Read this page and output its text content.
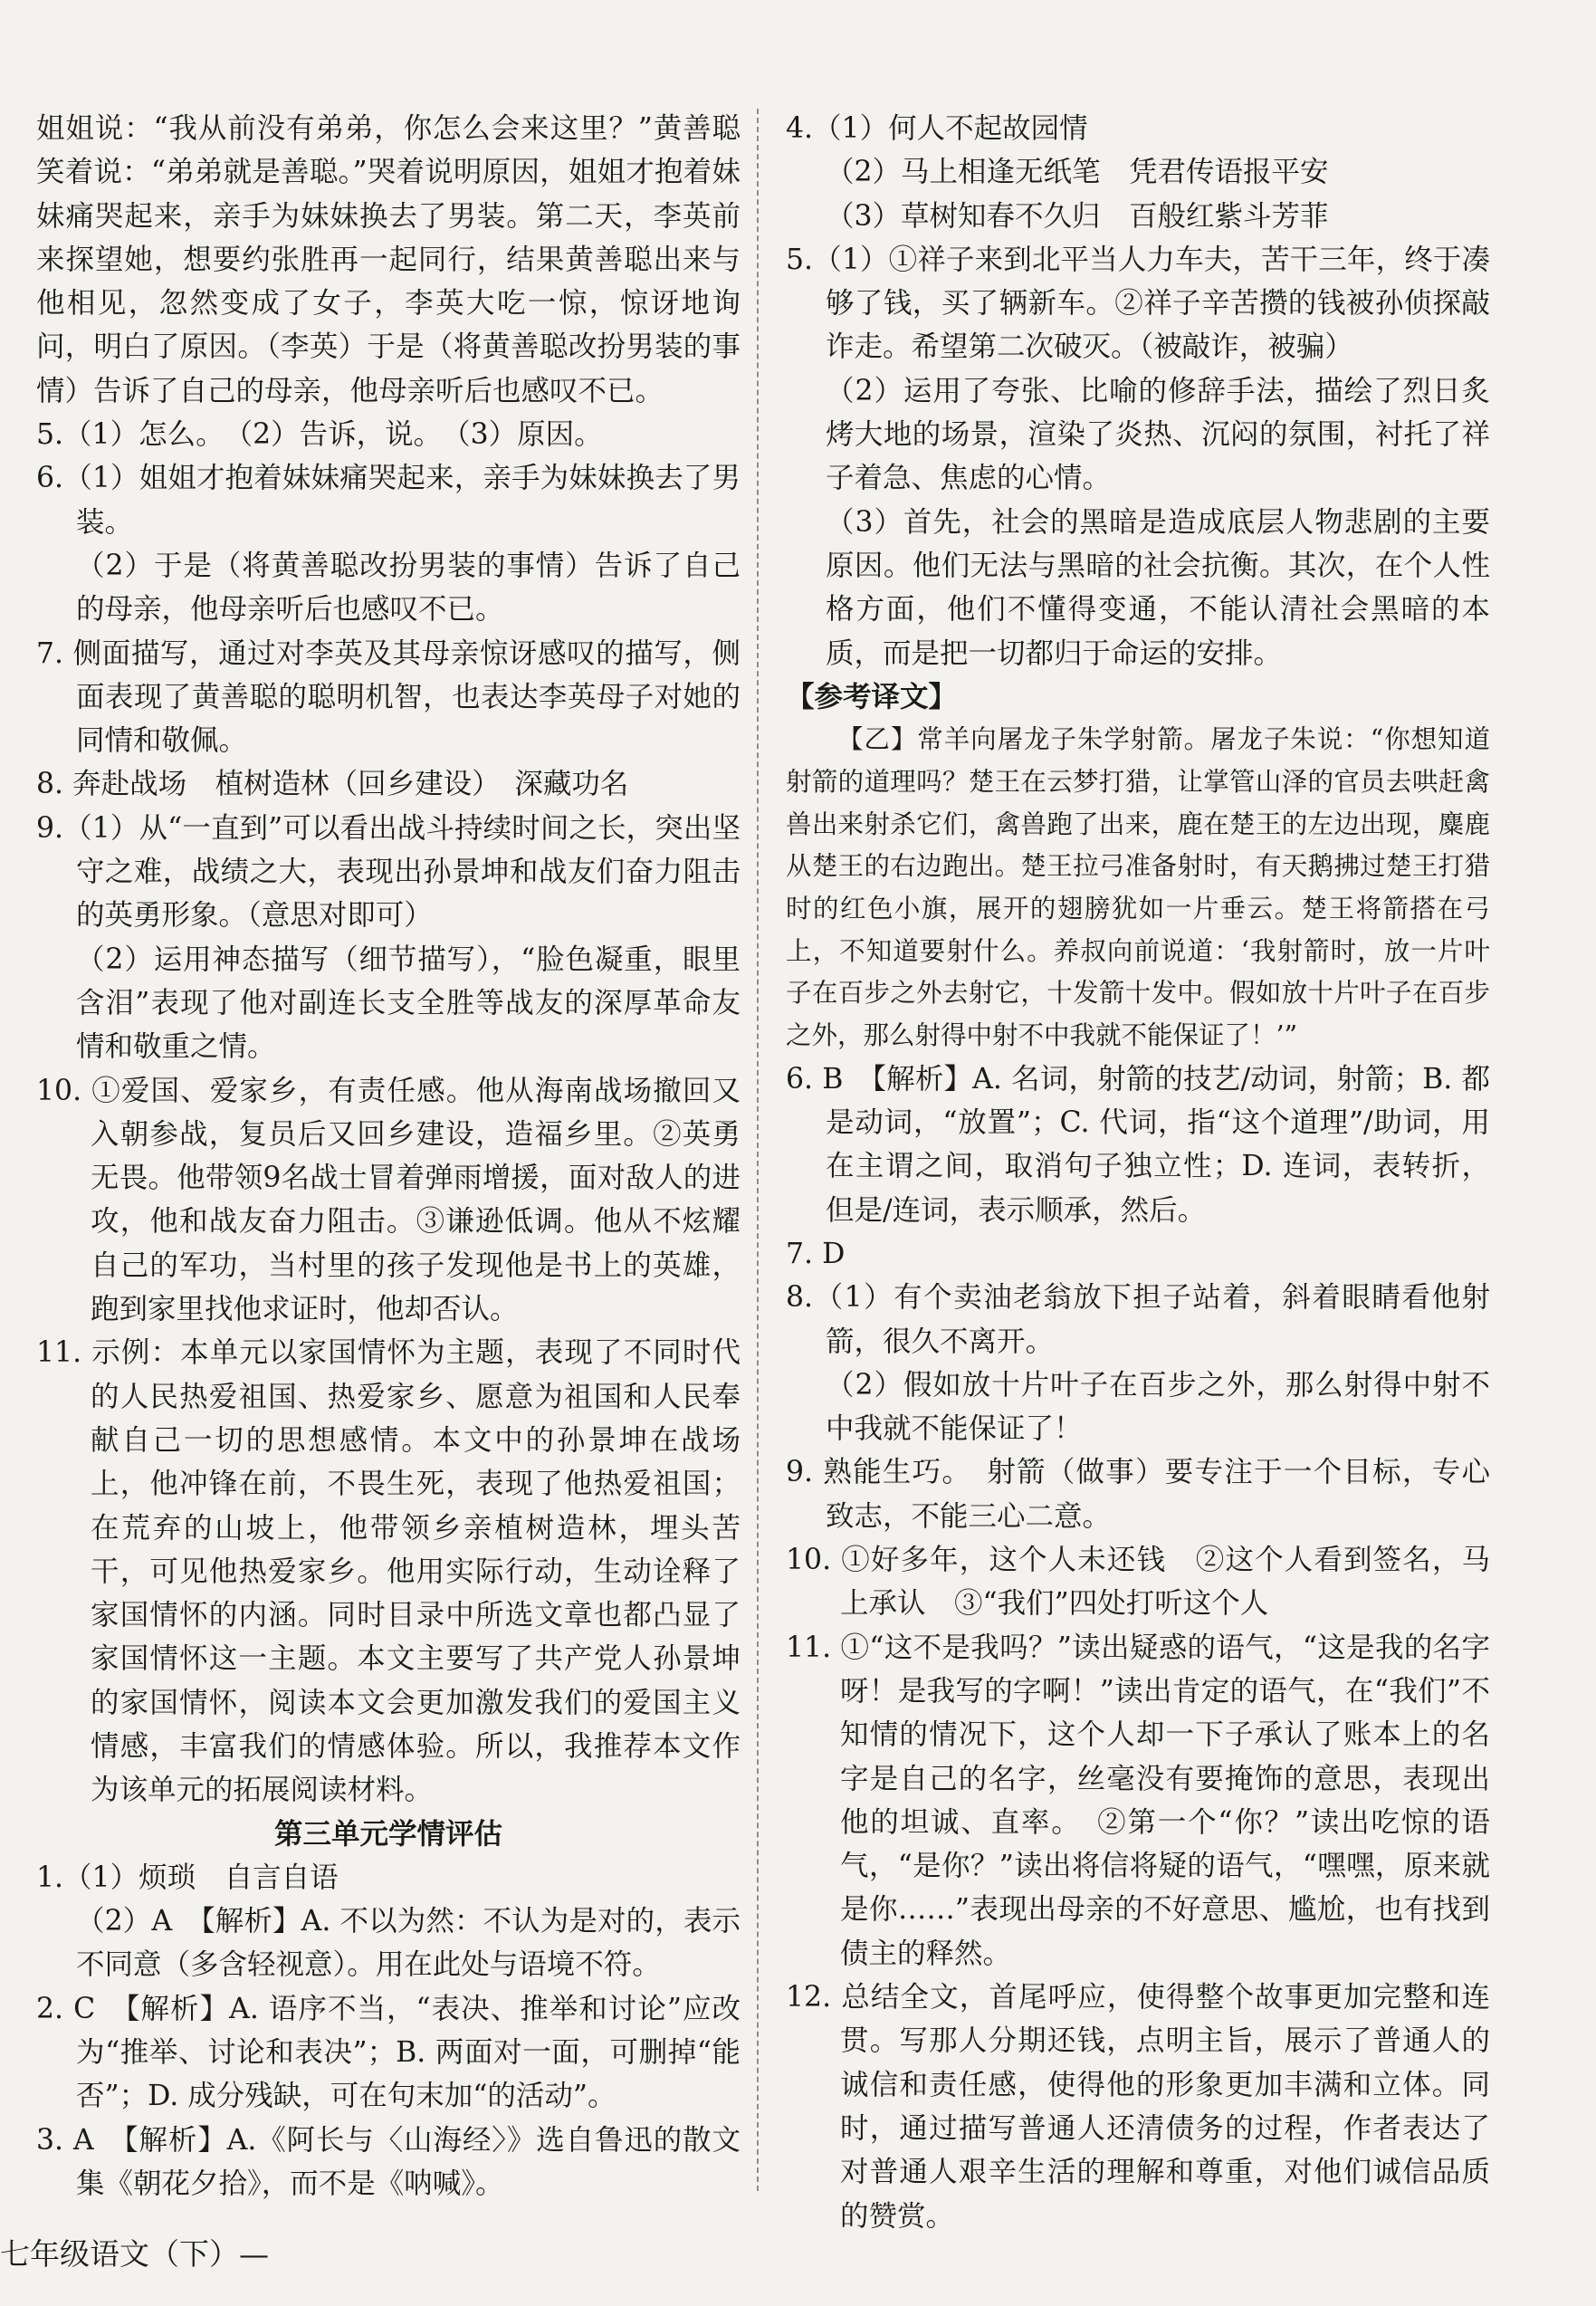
姐姐说：“我从前没有弟弟，你怎么会来这里？”黄善聪笑着说：“弟弟就是善聪。”哭着说明原因，姐姐才抱着妹妹痛哭起来，亲手为妹妹换去了男装。第二天，李英前来探望她，想要约张胜再一起同行，结果黄善聪出来与他相见，忽然变成了女子，李英大吃一惊，惊讶地询问，明白了原因。（李英）于是（将黄善聪改扮男装的事情）告诉了自己的母亲，他母亲听后也感叹不已。
5.（1）怎么。　（2）告诉，说。　（3）原因。
6.（1）姐姐才抱着妹妹痛哭起来，亲手为妹妹换去了男装。
（2）于是（将黄善聪改扮男装的事情）告诉了自己的母亲，他母亲听后也感叹不已。
7. 侧面描写，通过对李英及其母亲惊讶感叹的描写，侧面表现了黄善聪的聪明机智，也表达李英母子对她的同情和敬佩。
8. 奔赴战场　植树造林（回乡建设）　深藏功名
9.（1）从“一直到”可以看出战斗持续时间之长，突出坚守之难，战绩之大，表现出孙景坤和战友们奋力阻击的英勇形象。（意思对即可）
（2）运用神态描写（细节描写），“脸色凝重，眼里含泪”表现了他对副连长支全胜等战友的深厚革命友情和敬重之情。
10. ①爱国、爱家乡，有责任感。他从海南战场撤回又入朝参战，复员后又回乡建设，造福乡里。②英勇无畏。他带领9名战士冒着弹雨增援，面对敌人的进攻，他和战友奋力阻击。③谦逊低调。他从不炫耀自己的军功，当村里的孩子发现他是书上的英雄，跑到家里找他求证时，他却否认。
11. 示例：本单元以家国情怀为主题，表现了不同时代的人民热爱祖国、热爱家乡、愿意为祖国和人民奉献自己一切的思想感情。本文中的孙景坤在战场上，他冲锋在前，不畏生死，表现了他热爱祖国；在荒弃的山坡上，他带领乡亲植树造林，埋头苦干，可见他热爱家乡。他用实际行动，生动诠释了家国情怀的内涵。同时目录中所选文章也都凸显了家国情怀这一主题。本文主要写了共产党人孙景坤的家国情怀，阅读本文会更加激发我们的爱国主义情感，丰富我们的情感体验。所以，我推荐本文作为该单元的拓展阅读材料。
第三单元学情评估
1.（1）烦琐　自言自语
（2）A　【解析】A. 不以为然：不认为是对的，表示不同意（多含轻视意）。用在此处与语境不符。
2. C　【解析】A. 语序不当，“表决、推举和讨论”应改为“推举、讨论和表决”；B. 两面对一面，可删掉“能否”；D. 成分残缺，可在句末加“的活动”。
3. A　【解析】A.《阿长与〈山海经〉》选自鲁迅的散文集《朝花夕拾》，而不是《呐喊》。
4.（1）何人不起故园情
（2）马上相逢无纸笔　凭君传语报平安
（3）草树知春不久归　百般红紫斗芳菲
5.（1）①祥子来到北平当人力车夫，苦干三年，终于凑够了钱，买了辆新车。②祥子辛苦攒的钱被孙侦探敲诈走。希望第二次破灭。（被敲诈，被骗）
（2）运用了夸张、比喻的修辞手法，描绘了烈日炙烤大地的场景，渲染了炎热、沉闷的氛围，衬托了祥子着急、焦虑的心情。
（3）首先，社会的黑暗是造成底层人物悲剧的主要原因。他们无法与黑暗的社会抗衡。其次，在个人性格方面，他们不懂得变通，不能认清社会黑暗的本质，而是把一切都归于命运的安排。
【参考译文】
【乙】常羊向屠龙子朱学射箭。屠龙子朱说：“你想知道射箭的道理吗？楚王在云梦打猎，让掌管山泽的官员去哄赶禽兽出来射杀它们，禽兽跑了出来，鹿在楚王的左边出现，麋鹿从楚王的右边跑出。楚王拉弓准备射时，有天鹅拂过楚王打猎时的红色小旗，展开的翅膀犹如一片垂云。楚王将箭搭在弓上，不知道要射什么。养叔向前说道：‘我射箭时，放一片叶子在百步之外去射它，十发箭十发中。假如放十片叶子在百步之外，那么射得中射不中我就不能保证了！’”
6. B　【解析】A. 名词，射箭的技艺/动词，射箭；B. 都是动词，“放置”；C. 代词，指“这个道理”/助词，用在主谓之间，取消句子独立性；D. 连词，表转折，但是/连词，表示顺承，然后。
7. D
8.（1）有个卖油老翁放下担子站着，斜着眼睛看他射箭，很久不离开。
（2）假如放十片叶子在百步之外，那么射得中射不中我就不能保证了！
9. 熟能生巧。　射箭（做事）要专注于一个目标，专心致志，不能三心二意。
10. ①好多年，这个人未还钱　②这个人看到签名，马上承认　③“我们”四处打听这个人
11. ①“这不是我吗？”读出疑惑的语气，“这是我的名字呀！是我写的字啊！”读出肯定的语气，在“我们”不知情的情况下，这个人却一下子承认了账本上的名字是自己的名字，丝毫没有要掩饰的意思，表现出他的坦诚、直率。　②第一个“你？”读出吃惊的语气，“是你？”读出将信将疑的语气，“嘿嘿，原来就是你……”表现出母亲的不好意思、尴尬，也有找到债主的释然。
12. 总结全文，首尾呼应，使得整个故事更加完整和连贯。写那人分期还钱，点明主旨，展示了普通人的诚信和责任感，使得他的形象更加丰满和立体。同时，通过描写普通人还清债务的过程，作者表达了对普通人艰辛生活的理解和尊重，对他们诚信品质的赞赏。
七年级语文（下）—
